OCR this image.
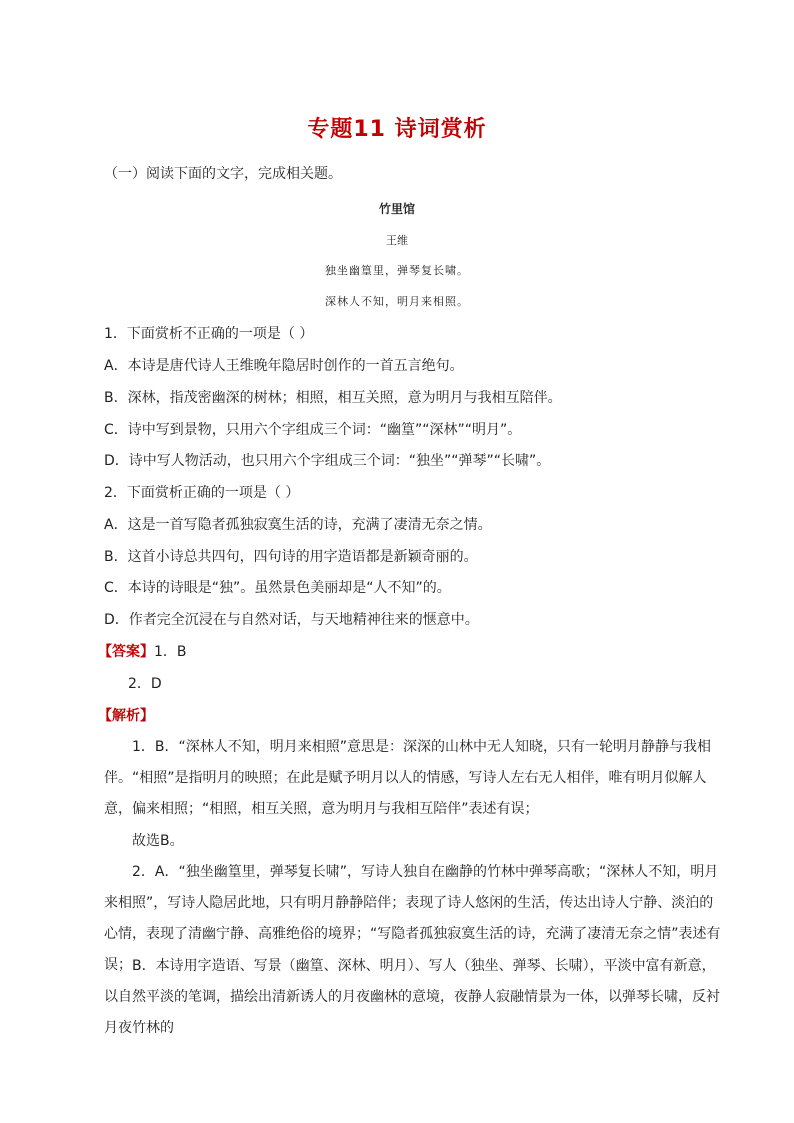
专题11 诗词赏析
（一）阅读下面的文字，完成相关题。
竹里馆
王维
独坐幽篁里，弹琴复长啸。
深林人不知，明月来相照。
1．下面赏析不正确的一项是（ ）
A．本诗是唐代诗人王维晚年隐居时创作的一首五言绝句。
B．深林，指茂密幽深的树林；相照，相互关照，意为明月与我相互陪伴。
C．诗中写到景物，只用六个字组成三个词：“幽篁”“深林”“明月”。
D．诗中写人物活动，也只用六个字组成三个词：“独坐”“弹琴”“长啸”。
2．下面赏析正确的一项是（ ）
A．这是一首写隐者孤独寂寞生活的诗，充满了凄清无奈之情。
B．这首小诗总共四句，四句诗的用字造语都是新颖奇丽的。
C．本诗的诗眼是“独”。虽然景色美丽却是“人不知”的。
D．作者完全沉浸在与自然对话，与天地精神往来的惬意中。
【答案】1．B
2．D
【解析】
1．B．“深林人不知，明月来相照”意思是：深深的山林中无人知晓，只有一轮明月静静与我相伴。“相照”是指明月的映照；在此是赋予明月以人的情感，写诗人左右无人相伴，唯有明月似解人意，偏来相照；“相照，相互关照，意为明月与我相互陪伴”表述有误；
故选B。
2．A．“独坐幽篁里，弹琴复长啸”，写诗人独自在幽静的竹林中弹琴高歌；“深林人不知，明月来相照”，写诗人隐居此地，只有明月静静陪伴；表现了诗人悠闲的生活，传达出诗人宁静、淡泊的心情，表现了清幽宁静、高雅绝俗的境界；“写隐者孤独寂寞生活的诗，充满了凄清无奈之情”表述有误； B．本诗用字造语、写景（幽篁、深林、明月）、写人（独坐、弹琴、长啸），平淡中富有新意，以自然平淡的笔调，描绘出清新诱人的月夜幽林的意境，夜静人寂融情景为一体，以弹琴长啸，反衬月夜竹林的
